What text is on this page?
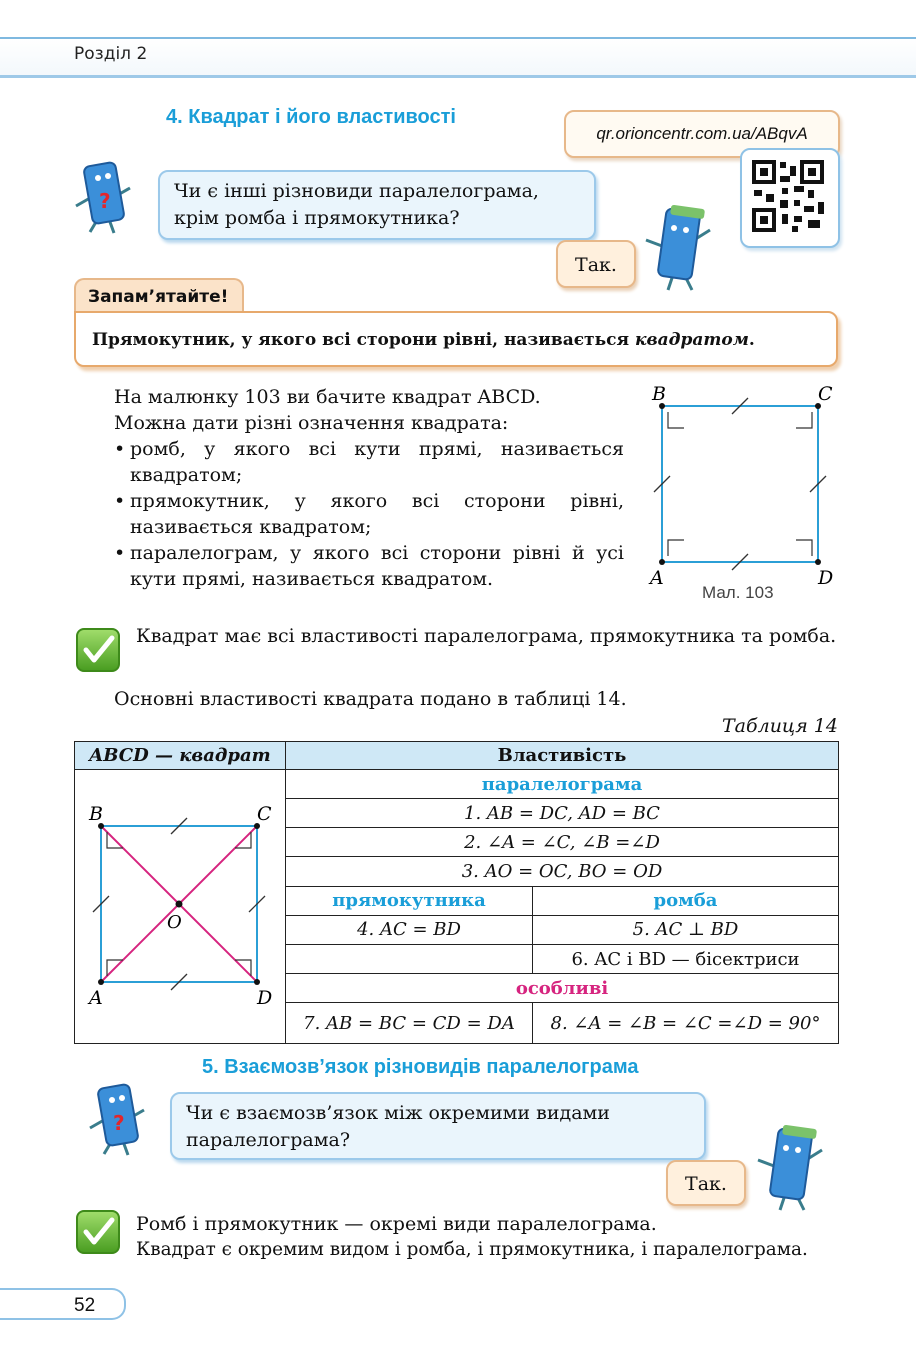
Розділ 2
4. Квадрат і його властивості
qr.orioncentr.com.ua/ABqvA
?	Чи є інші різновиди паралелограма, крім ромба і прямокутника?
Так.
Запам’ятайте!
Прямокутник, у якого всі сторони рівні, називається квадратом.
На малюнку 103 ви бачите квадрат ABCD.
Можна дати різні означення квадрата:
• ромб, у якого всі кути прямі, називається квадратом;
• прямокутник, у якого всі сторони рівні, називається квадратом;
• паралелограм, у якого всі сторони рівні й усі кути прямі, називається квадратом.
B	C
A	D
Мал. 103
Квадрат має всі властивості паралелограма, прямокутника та ромба.
Основні властивості квадрата подано в таблиці 14.
Таблиця 14
ABCD — квадрат	Властивість	

B C
A D
O	паралелограма	
	1. AB = DC, AD = BC	
	2. ∠A = ∠C, ∠B =∠D	
	3. AO = OC, BO = OD	
	прямокутника	ромба
	4. AC = BD	5. AC ⊥ BD
		6. AC і BD — бісектриси
	особливі	
	7. AB = BC = CD = DA	8. ∠A = ∠B = ∠C =∠D = 90°
5. Взаємозв’язок різновидів паралелограма
?	Чи є взаємозв’язок між окремими видами паралелограма?
Так.
Ромб і прямокутник — окремі види паралелограма.
Квадрат є окремим видом і ромба, і прямокутника, і паралелограма.
52
